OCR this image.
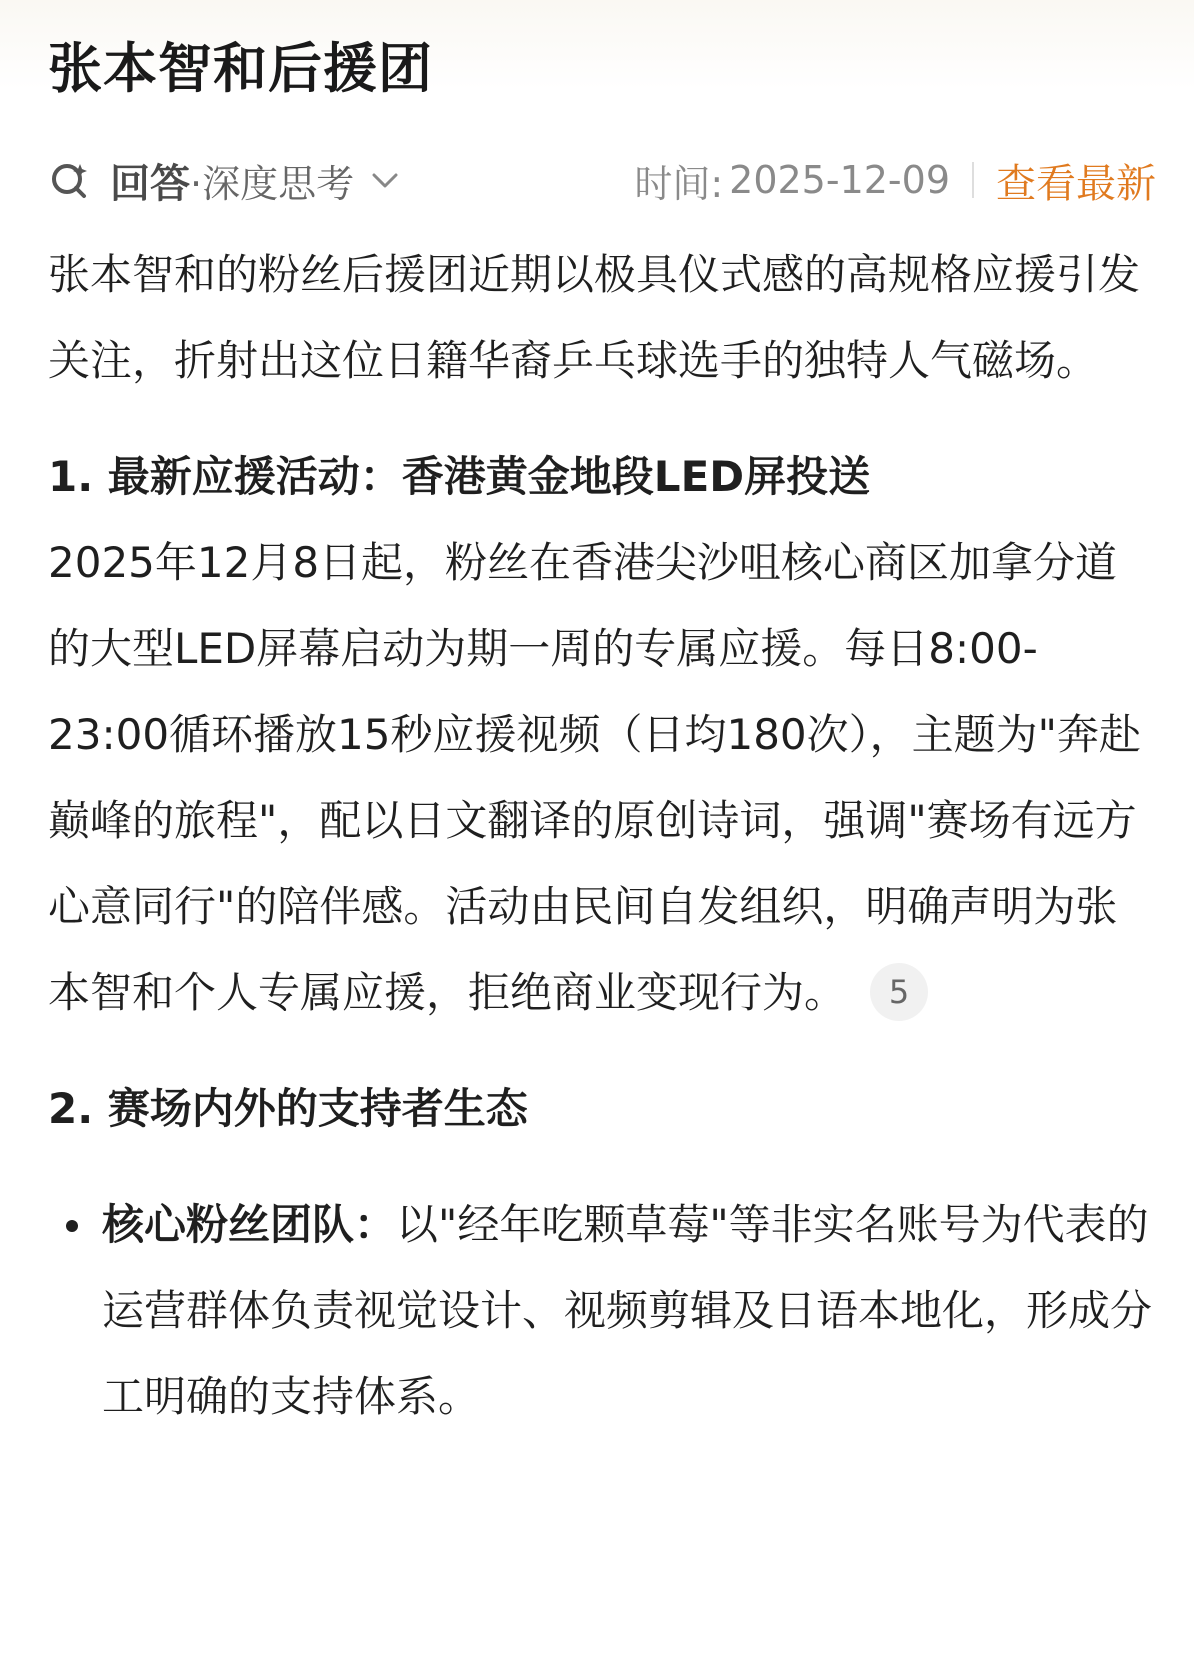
张本智和后援团
回答 ·深度思考	时间: 2025-12-09 查看最新

张本智和的粉丝后援团近期以极具仪式感的高规格应援引发关注，折射出这位日籍华裔乒乓球选手的独特人气磁场。

1. 最新应援活动：香港黄金地段LED屏投送

2025年12月8日起，粉丝在香港尖沙咀核心商区加拿分道的大型LED屏幕启动为期一周的专属应援。每日8:00-23:00循环播放15秒应援视频（日均180次），主题为"奔赴巅峰的旅程"，配以日文翻译的原创诗词，强调"赛场有远方心意同行"的陪伴感。活动由民间自发组织，明确声明为张本智和个人专属应援，拒绝商业变现行为。 5

2. 赛场内外的支持者生态

核心粉丝团队：以"经年吃颗草莓"等非实名账号为代表的运营群体负责视觉设计、视频剪辑及日语本地化，形成分工明确的支持体系。
